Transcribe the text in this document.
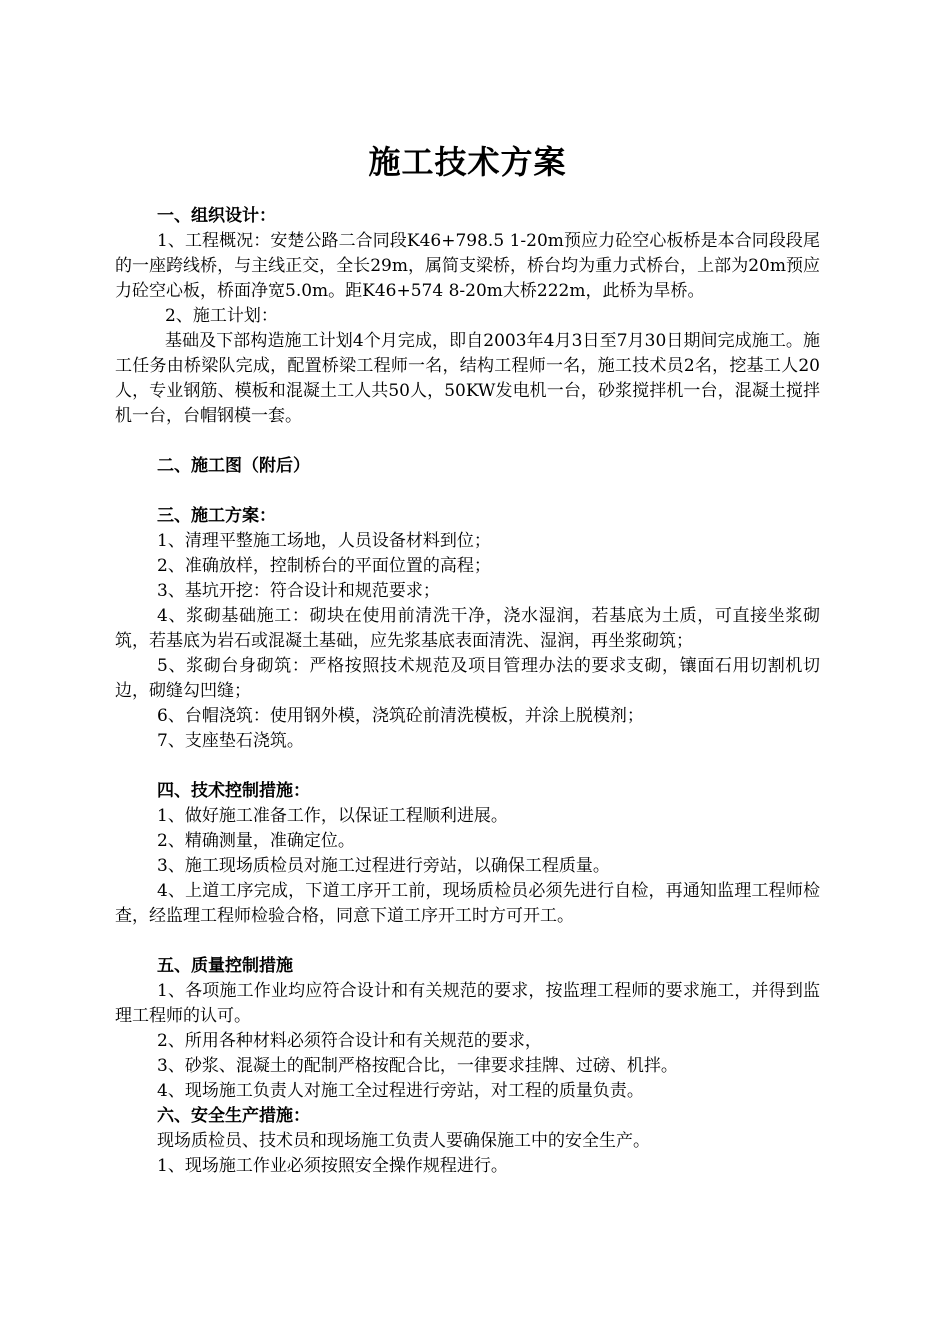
施工技术方案
一、组织设计：
1、工程概况：安楚公路二合同段K46+798.5 1-20m预应力砼空心板桥是本合同段段尾的一座跨线桥，与主线正交，全长29m，属简支梁桥，桥台均为重力式桥台，上部为20m预应力砼空心板，桥面净宽5.0m。距K46+574 8-20m大桥222m，此桥为旱桥。
2、施工计划：
基础及下部构造施工计划4个月完成，即自2003年4月3日至7月30日期间完成施工。施工任务由桥梁队完成，配置桥梁工程师一名，结构工程师一名，施工技术员2名，挖基工人20人，专业钢筋、模板和混凝土工人共50人，50KW发电机一台，砂浆搅拌机一台，混凝土搅拌机一台，台帽钢模一套。
二、施工图（附后）
三、施工方案：
1、清理平整施工场地，人员设备材料到位；
2、准确放样，控制桥台的平面位置的高程；
3、基坑开挖：符合设计和规范要求；
4、浆砌基础施工：砌块在使用前清洗干净，浇水湿润，若基底为土质，可直接坐浆砌筑，若基底为岩石或混凝土基础，应先浆基底表面清洗、湿润，再坐浆砌筑；
5、浆砌台身砌筑：严格按照技术规范及项目管理办法的要求支砌，镶面石用切割机切边，砌缝勾凹缝；
6、台帽浇筑：使用钢外模，浇筑砼前清洗模板，并涂上脱模剂；
7、支座垫石浇筑。
四、技术控制措施：
1、做好施工准备工作，以保证工程顺利进展。
2、精确测量，准确定位。
3、施工现场质检员对施工过程进行旁站，以确保工程质量。
4、上道工序完成，下道工序开工前，现场质检员必须先进行自检，再通知监理工程师检查，经监理工程师检验合格，同意下道工序开工时方可开工。
五、质量控制措施
1、各项施工作业均应符合设计和有关规范的要求，按监理工程师的要求施工，并得到监理工程师的认可。
2、所用各种材料必须符合设计和有关规范的要求，
3、砂浆、混凝土的配制严格按配合比，一律要求挂牌、过磅、机拌。
4、现场施工负责人对施工全过程进行旁站，对工程的质量负责。
六、安全生产措施：
现场质检员、技术员和现场施工负责人要确保施工中的安全生产。
1、现场施工作业必须按照安全操作规程进行。
